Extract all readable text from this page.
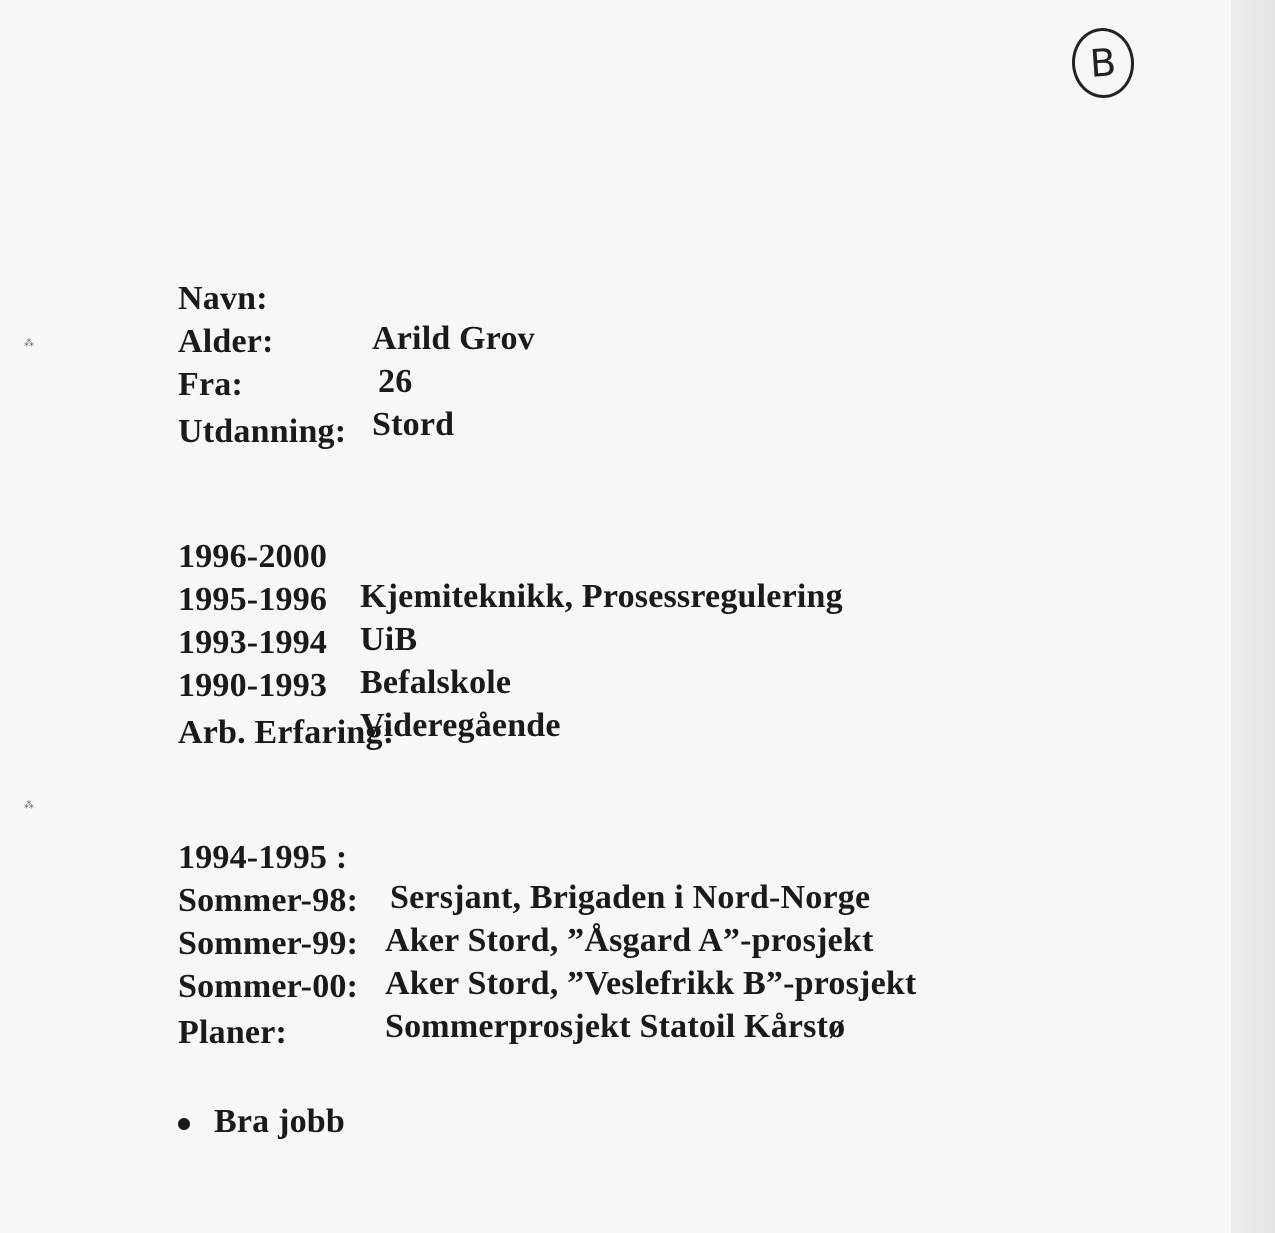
B
⁂
⁂

Navn:

Arild Grov

Alder:

26

Fra:

Stord

Utdanning:

1996-2000

Kjemiteknikk, Prosessregulering

1995-1996

UiB

1993-1994

Befalskole

1990-1993

Videregående

Arb. Erfaring:

1994-1995 :

Sersjant, Brigaden i Nord-Norge

Sommer-98:

Aker Stord, ”Åsgard A”-prosjekt

Sommer-99:

Aker Stord, ”Veslefrikk B”-prosjekt

Sommer-00:

Sommerprosjekt Statoil Kårstø

Planer:
Bra jobb
